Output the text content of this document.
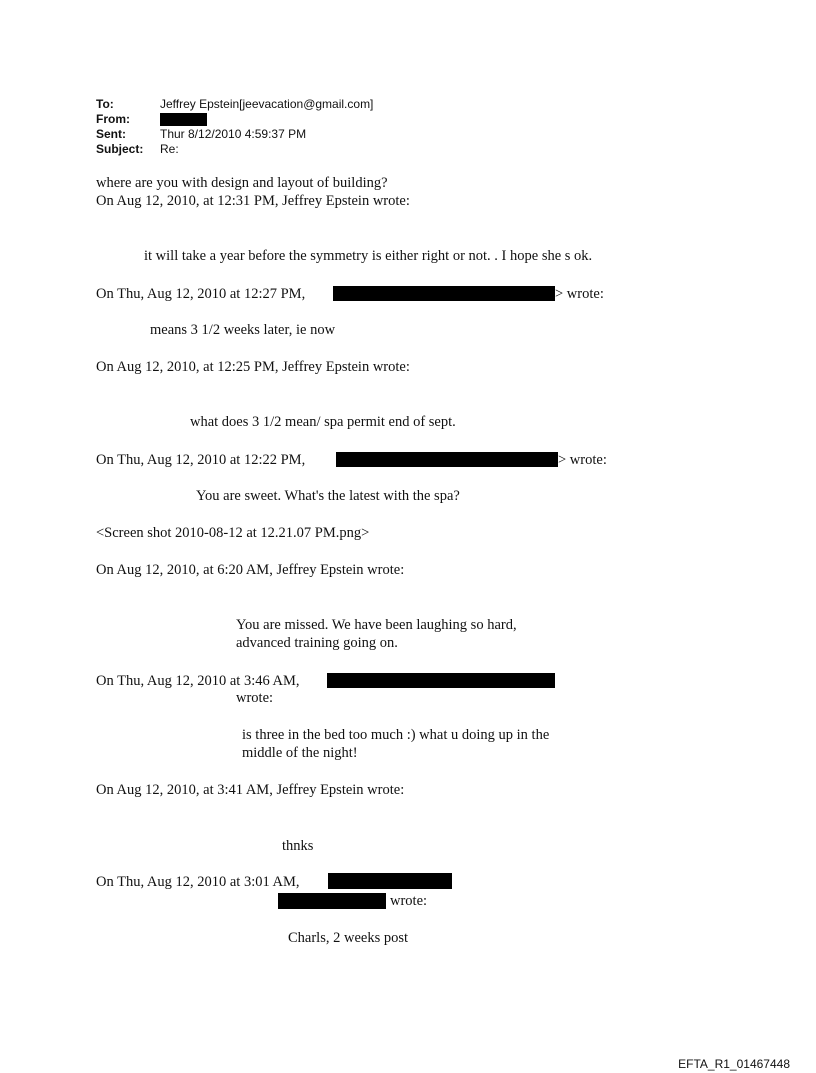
To:	Jeffrey Epstein[jeevacation@gmail.com]
From:
Sent:	Thur 8/12/2010 4:59:37 PM
Subject: Re:
where are you with design and layout of building?
On Aug 12, 2010, at 12:31 PM, Jeffrey Epstein wrote:
it will take a year before the symmetry is either right or not. . I hope she s ok.
On Thu, Aug 12, 2010 at 12:27 PM,	> wrote:
means 3 1/2 weeks later, ie now
On Aug 12, 2010, at 12:25 PM, Jeffrey Epstein wrote:
what does 3 1/2 mean/ spa permit end of sept.
On Thu, Aug 12, 2010 at 12:22 PM,	> wrote:
You are sweet. What's the latest with the spa?
<Screen shot 2010-08-12 at 12.21.07 PM.png>
On Aug 12, 2010, at 6:20 AM, Jeffrey Epstein wrote:
You are missed. We have been laughing so hard,
advanced training going on.
On Thu, Aug 12, 2010 at 3:46 AM,
wrote:
is three in the bed too much :) what u doing up in the
middle of the night!
On Aug 12, 2010, at 3:41 AM, Jeffrey Epstein wrote:
thnks
On Thu, Aug 12, 2010 at 3:01 AM,
wrote:
Charls, 2 weeks post
EFTA_R1_01467448
